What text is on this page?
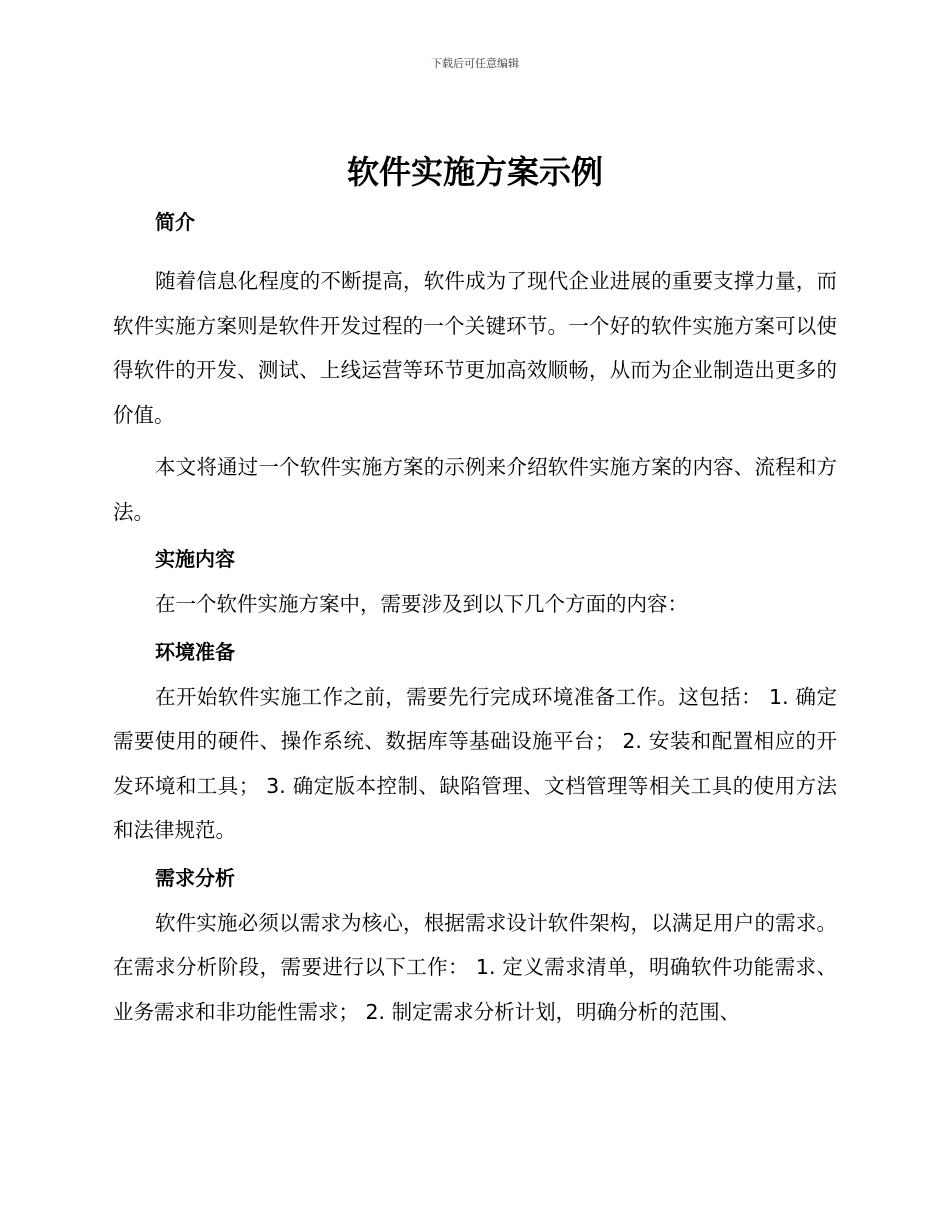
下载后可任意编辑
软件实施方案示例
简介

随着信息化程度的不断提高，软件成为了现代企业进展的重要支撑力量，而软件实施方案则是软件开发过程的一个关键环节。一个好的软件实施方案可以使得软件的开发、测试、上线运营等环节更加高效顺畅，从而为企业制造出更多的价值。

本文将通过一个软件实施方案的示例来介绍软件实施方案的内容、流程和方法。

实施内容

在一个软件实施方案中，需要涉及到以下几个方面的内容：

环境准备

在开始软件实施工作之前，需要先行完成环境准备工作。这包括： 1. 确定需要使用的硬件、操作系统、数据库等基础设施平台； 2. 安装和配置相应的开发环境和工具； 3. 确定版本控制、缺陷管理、文档管理等相关工具的使用方法和法律规范。

需求分析

软件实施必须以需求为核心，根据需求设计软件架构，以满足用户的需求。在需求分析阶段，需要进行以下工作： 1. 定义需求清单，明确软件功能需求、业务需求和非功能性需求； 2. 制定需求分析计划，明确分析的范围、
